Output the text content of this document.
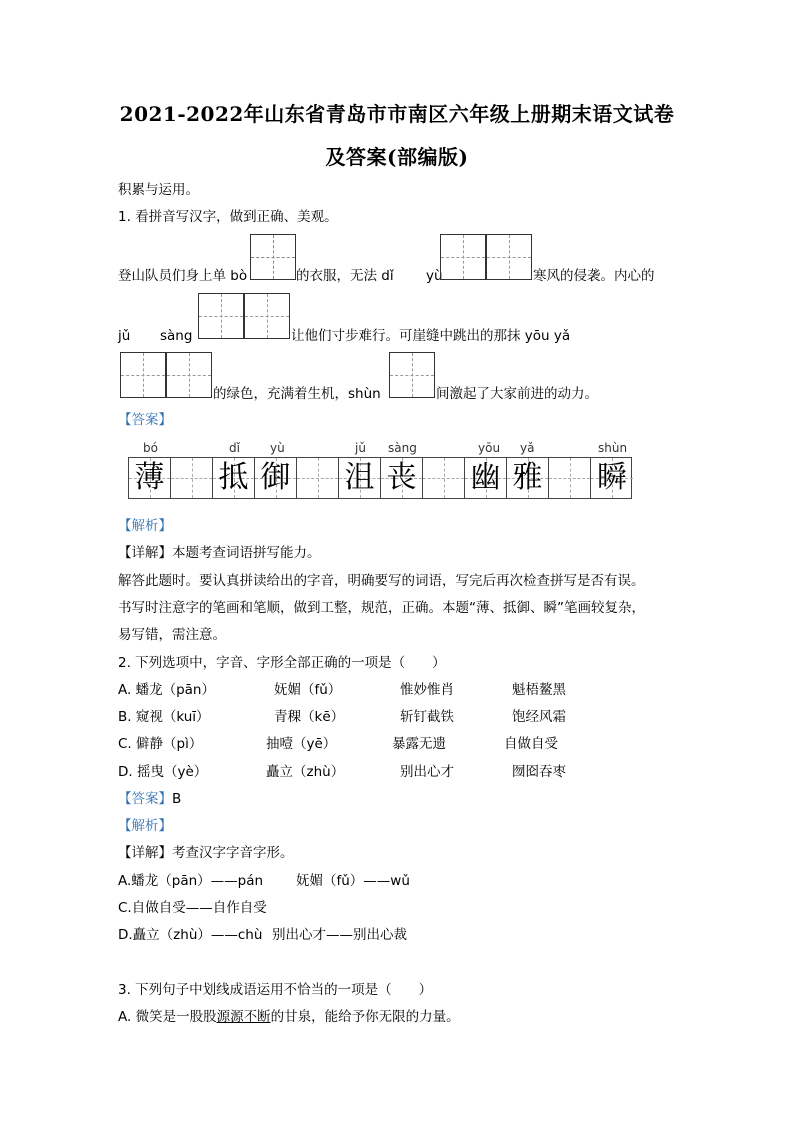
2021-2022年山东省青岛市市南区六年级上册期末语文试卷
及答案(部编版)
积累与运用。
1. 看拼音写汉字，做到正确、美观。
登山队员们身上单 bò	的衣服，无法 dǐ yù	寒风的侵袭。内心的
jǔ sàng	让他们寸步难行。可崖缝中跳出的那抹 yōu yǎ
的绿色，充满着生机，shùn	间激起了大家前进的动力。
【答案】
bó	dǐ	yù	jǔ sàng	yōu yǎ	shùn
薄 抵 御 沮 丧 幽 雅 瞬
【解析】
【详解】本题考查词语拼写能力。
解答此题时。要认真拼读给出的字音，明确要写的词语，写完后再次检查拼写是否有误。
书写时注意字的笔画和笔顺，做到工整，规范，正确。本题“薄、抵御、瞬”笔画较复杂，
易写错，需注意。
2. 下列选项中，字音、字形全部正确的一项是（　　）
A. 蟠龙（pān）	妩媚（fǔ）	惟妙惟肖	魁梧鳌黑
B. 窥视（kuī）	青稞（kē）	斩钉截铁	饱经风霜
C. 僻静（pì）	抽噎（yē）	暴露无遗	自做自受
D. 摇曳（yè）	矗立（zhù）	别出心才	囫囵吞枣
【答案】B
【解析】
【详解】考查汉字字音字形。
A.蟠龙（pān）——pán 妩媚（fǔ）——wǔ
C.自做自受——自作自受
D.矗立（zhù）——chù 别出心才——别出心裁
3. 下列句子中划线成语运用不恰当的一项是（　　）
A. 微笑是一股股源源不断的甘泉，能给予你无限的力量。
